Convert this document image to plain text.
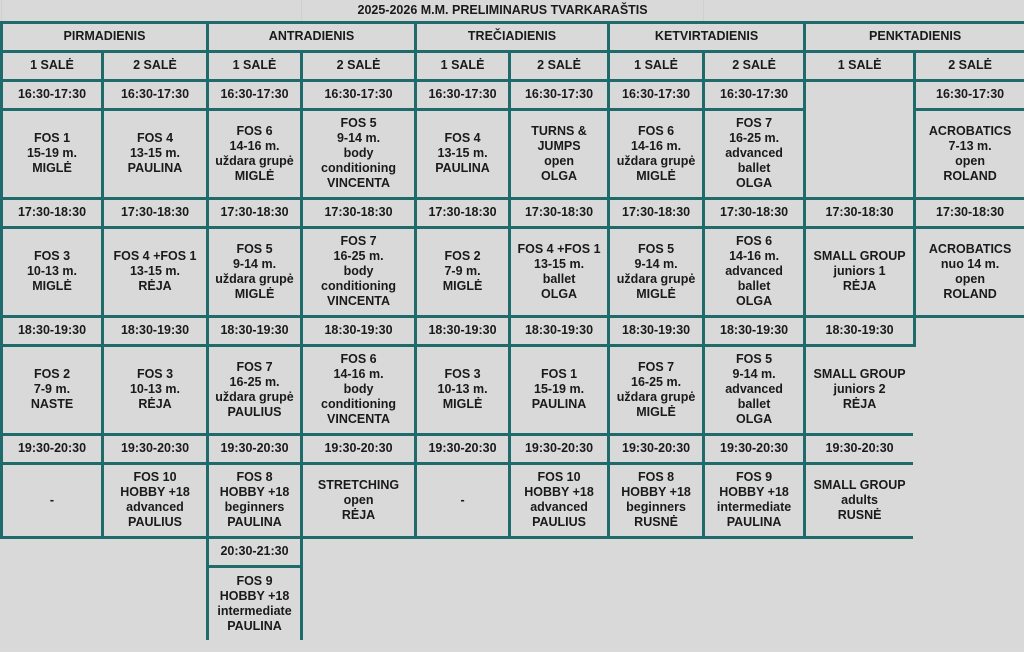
			2025-2026 M.M. PRELIMINARUS TVARKARAŠTIS						
PIRMADIENIS		ANTRADIENIS		TREČIADIENIS		KETVIRTADIENIS		PENKTADIENIS	
1 SALĖ	2 SALĖ	1 SALĖ	2 SALĖ	1 SALĖ	2 SALĖ	1 SALĖ	2 SALĖ	1 SALĖ	2 SALĖ
16:30-17:30	16:30-17:30	16:30-17:30	16:30-17:30	16:30-17:30	16:30-17:30	16:30-17:30	16:30-17:30		16:30-17:30
FOS 1
15-19 m.
MIGLĖ	FOS 4
13-15 m.
PAULINA	FOS 6
14-16 m.
uždara grupė
MIGLĖ	FOS 5
9-14 m.
body
conditioning
VINCENTA	FOS 4
13-15 m.
PAULINA	TURNS &
JUMPS
open
OLGA	FOS 6
14-16 m.
uždara grupė
MIGLĖ	FOS 7
16-25 m.
advanced
ballet
OLGA		ACROBATICS
7-13 m.
open
ROLAND
17:30-18:30	17:30-18:30	17:30-18:30	17:30-18:30	17:30-18:30	17:30-18:30	17:30-18:30	17:30-18:30	17:30-18:30	17:30-18:30
FOS 3
10-13 m.
MIGLĖ	FOS 4 +FOS 1
13-15 m.
RĖJA	FOS 5
9-14 m.
uždara grupė
MIGLĖ	FOS 7
16-25 m.
body
conditioning
VINCENTA	FOS 2
7-9 m.
MIGLĖ	FOS 4 +FOS 1
13-15 m.
ballet
OLGA	FOS 5
9-14 m.
uždara grupė
MIGLĖ	FOS 6
14-16 m.
advanced
ballet
OLGA	SMALL GROUP
juniors 1
RĖJA	ACROBATICS
nuo 14 m.
open
ROLAND
18:30-19:30	18:30-19:30	18:30-19:30	18:30-19:30	18:30-19:30	18:30-19:30	18:30-19:30	18:30-19:30	18:30-19:30	
FOS 2
7-9 m.
NASTE	FOS 3
10-13 m.
RĖJA	FOS 7
16-25 m.
uždara grupė
PAULIUS	FOS 6
14-16 m.
body
conditioning
VINCENTA	FOS 3
10-13 m.
MIGLĖ	FOS 1
15-19 m.
PAULINA	FOS 7
16-25 m.
uždara grupė
MIGLĖ	FOS 5
9-14 m.
advanced
ballet
OLGA	SMALL GROUP
juniors 2
RĖJA	
19:30-20:30	19:30-20:30	19:30-20:30	19:30-20:30	19:30-20:30	19:30-20:30	19:30-20:30	19:30-20:30	19:30-20:30	
-	FOS 10
HOBBY +18
advanced
PAULIUS	FOS 8
HOBBY +18
beginners
PAULINA	STRETCHING
open
RĖJA	-	FOS 10
HOBBY +18
advanced
PAULIUS	FOS 8
HOBBY +18
beginners
RUSNĖ	FOS 9
HOBBY +18
intermediate
PAULINA	SMALL GROUP
adults
RUSNĖ	
		20:30-21:30							
		FOS 9
HOBBY +18
intermediate
PAULINA							
